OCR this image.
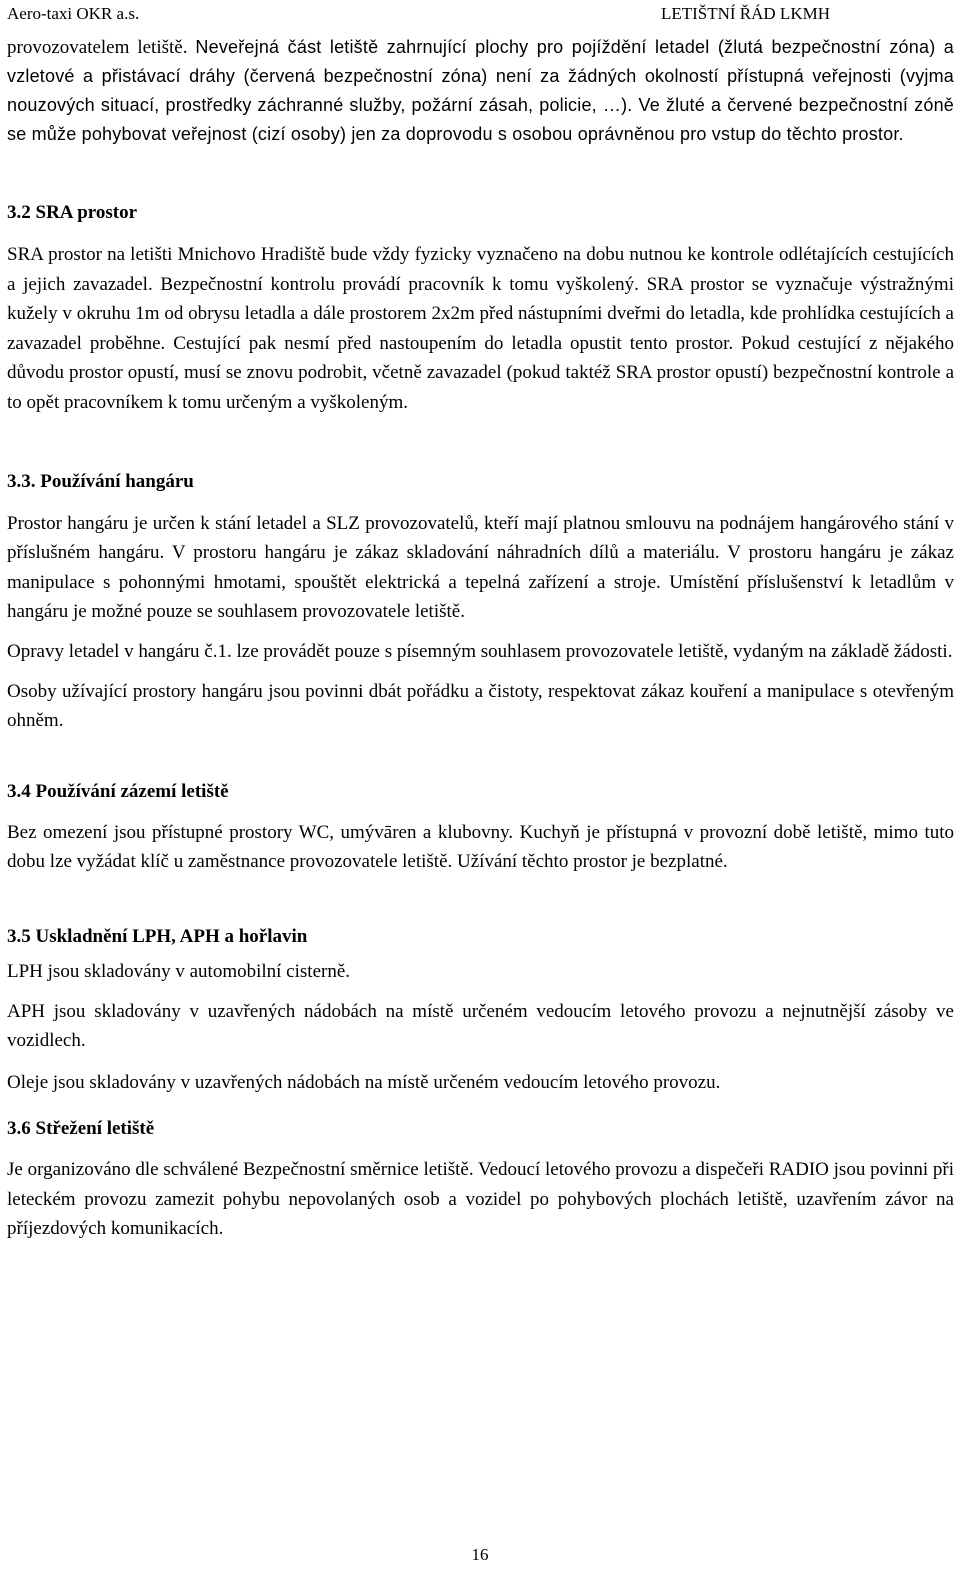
Aero-taxi OKR a.s.	LETIŠTNÍ ŘÁD LKMH

provozovatelem letiště. Neveřejná část letiště zahrnující plochy pro pojíždění letadel (žlutá bezpečnostní zóna) a vzletové a přistávací dráhy (červená bezpečnostní zóna) není za žádných okolností přístupná veřejnosti (vyjma nouzových situací, prostředky záchranné služby, požární zásah, policie, …). Ve žluté a červené bezpečnostní zóně se může pohybovat veřejnost (cizí osoby) jen za doprovodu s osobou oprávněnou pro vstup do těchto prostor.

3.2 SRA prostor

SRA prostor na letišti Mnichovo Hradiště bude vždy fyzicky vyznačeno na dobu nutnou ke kontrole odlétajících cestujících a jejich zavazadel. Bezpečnostní kontrolu provádí pracovník k tomu vyškolený. SRA prostor se vyznačuje výstražnými kužely v okruhu 1m od obrysu letadla a dále prostorem 2x2m před nástupními dveřmi do letadla, kde prohlídka cestujících a zavazadel proběhne. Cestující pak nesmí před nastoupením do letadla opustit tento prostor. Pokud cestující z nějakého důvodu prostor opustí, musí se znovu podrobit, včetně zavazadel (pokud taktéž SRA prostor opustí) bezpečnostní kontrole a to opět pracovníkem k tomu určeným a vyškoleným.

3.3. Používání hangáru

Prostor hangáru je určen k stání letadel a SLZ provozovatelů, kteří mají platnou smlouvu na podnájem hangárového stání v příslušném hangáru. V prostoru hangáru je zákaz skladování náhradních dílů a materiálu. V prostoru hangáru je zákaz manipulace s pohonnými hmotami, spouštět elektrická a tepelná zařízení a stroje. Umístění příslušenství k letadlům v hangáru je možné pouze se souhlasem provozovatele letiště.

Opravy letadel v hangáru č.1. lze provádět pouze s písemným souhlasem provozovatele letiště, vydaným na základě žádosti.

Osoby užívající prostory hangáru jsou povinni dbát pořádku a čistoty, respektovat zákaz kouření a manipulace s otevřeným ohněm.

3.4 Používání zázemí letiště

Bez omezení jsou přístupné prostory WC, umývāren a klubovny. Kuchyň je přístupná v provozní době letiště, mimo tuto dobu lze vyžádat klíč u zaměstnance provozovatele letiště. Užívání těchto prostor je bezplatné.

3.5 Uskladnění LPH, APH a hořlavin

LPH jsou skladovány v automobilní cisterně.

APH jsou skladovány v uzavřených nádobách na místě určeném vedoucím letového provozu a nejnutnější zásoby ve vozidlech.

Oleje jsou skladovány v uzavřených nádobách na místě určeném vedoucím letového provozu.

3.6 Střežení letiště

Je organizováno dle schválené Bezpečnostní směrnice letiště. Vedoucí letového provozu a dispečeři RADIO jsou povinni při leteckém provozu zamezit pohybu nepovolaných osob a vozidel po pohybových plochách letiště, uzavřením závor na příjezdových komunikacích.

16
